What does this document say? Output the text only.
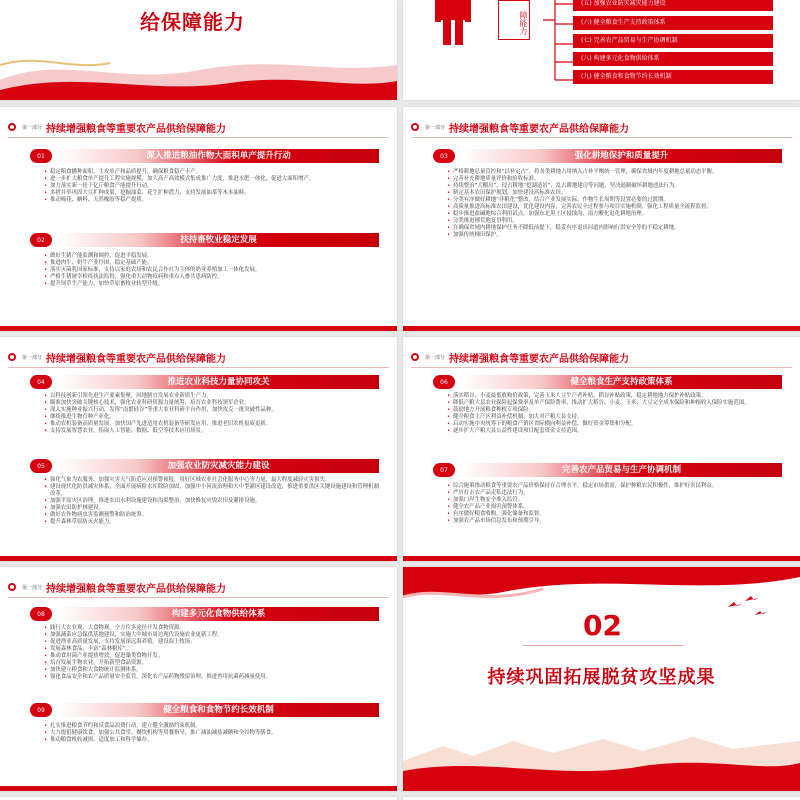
给保障能力	障能力
(五) 加强农业防灾减灾能力建设
(六) 健全粮食生产支持政策体系
(七) 完善农产品贸易与生产协调机制
(八) 构建多元化食物供给体系
(九) 健全粮食和食物节约长效机制
第一部分 持续增强粮食等重要农产品供给保障能力
01	深入推进粮油作物大面积单产提升行动
• 稳定粮食播种面积，主攻单产和品质提升，确保粮食稳产丰产。
• 进一步扩大粮食单产提升工程实施规模，加大高产高效模式集成推广力度，推进水肥一体化，促进大面积增产。
• 加力落实新一轮千亿斤粮食产能提升行动。
• 多措并举巩固大豆扩种成果，挖掘油菜、花生扩种潜力，支持发展油茶等木本油料。
• 推动棉花、糖料、天然橡胶等稳产提质。
02	扶持畜牧业稳定发展
• 做好生猪产能监测和调控，促进平稳发展。
• 推进肉牛、奶牛产业纾困，稳定基础产能。
• 落实灭菌乳国家标准，支持以家庭农场和农民合作社为主体的奶业养殖加工一体化发展。
• 严格生猪屠宰检疫执法监督，强化重大动物疫病和重点人畜共患病防控。
• 提升饲草生产能力，加快草原畜牧业转型升级。
第一部分 持续增强粮食等重要农产品供给保障能力
03	强化耕地保护和质量提升
• 严格耕地总量管控和“以补定占”，将各类耕地占用纳入占补平衡统一管理，确保省域内年度耕地总量动态平衡。
• 完善补充耕地质量评价和验收标准。
• 持续整治“大棚房”、侵占耕地“挖湖造景”、乱占耕地建房等问题，坚决遏制破坏耕地违法行为。
• 制定基本农田保护规划，加快建设高标准农田。
• 分类有序做好耕地“非粮化”整改，结合产业发展实际、作物生长周期等设置必要的过渡期。
• 高质量推进高标准农田建设，优化建设内容，完善农民全过程参与项目实施机制，强化工程质量全流程监督。
• 稳步推进盐碱地综合利用试点，加强东北黑土区侵蚀沟、南方酸化退化耕地治理。
• 分类推进撂荒地复垦利用。
• 在确保省域内耕地保护任务不降低前提下，稳妥有序退出河道内影响行洪安全等的不稳定耕地。
• 加强传统梯田保护。
第一部分 持续增强粮食等重要农产品供给保障能力
04	推进农业科技力量协同攻关
• 以科技创新引领先进生产要素集聚，因地制宜发展农业新质生产力。
• 瞄准加快突破关键核心技术，强化农业科研资源力量统筹，培育农业科技领军企业。
• 深入实施种业振兴行动，发挥“南繁硅谷”等重大农业科研平台作用，加快攻克一批突破性品种。
• 继续推进生物育种产业化。
• 推动农机装备高质量发展，加快国产先进适用农机装备等研发应用，推进老旧农机报废更新。
• 支持发展智慧农业，拓展人工智能、数据、低空等技术应用场景。
05	加强农业防灾减灾能力建设
• 强化气象为农服务，加强灾害天气防范应对预警预报，用好区域农业社会化服务中心等力量，最大程度减轻灾害损失。
• 建设现代化防洪减灾体系，全面开展病险水库除险加固，加强中小河流治理和大中型灌区建设改造，推进重要洪区关键设施建设和管理机制改革。
• 加强平原灾区治理，推进农田水利设施建设和沟渠整治，加快修复灾毁农田及灌排设施。
• 加强农田防护林建设。
• 做好农作物病虫害监测预警和防治统筹。
• 提升森林草原防灭火能力。
第一部分 持续增强粮食等重要农产品供给保障能力
06	健全粮食生产支持政策体系
• 落实稻谷、小麦最低收购价政策，完善玉米大豆生产者补贴、稻谷补贴政策，稳定耕地地力保护补贴政策。
• 降低产粮大县农业保险起保费率及单产保险费率，推动扩大稻谷、小麦、玉米、大豆完全成本保险和种植收入保险实施范围。
• 鼓励地方开展粮食种植专项保险。
• 健全粮食主产区利益补偿机制，加大对产粮大县支持。
• 启动实施中央统筹下的粮食产销区省际横向利益补偿，做好资金筹集和分配。
• 逐步扩大产粮大县公益性建设项目配套资金支持范围。
07	完善农产品贸易与生产协调机制
• 综合施策推动粮食等重要农产品价格保持在合理水平，稳定市场供需，保护种粮农民积极性，维护好农民利益。
• 严厉打击农产品走私违法行为。
• 加强口岸生物安全准入监管。
• 健全农产品产业损害预警体系。
• 有序做好粮食收购，强化储备和监督。
• 加强农产品市场信息发布和预期引导。
第一部分 持续增强粮食等重要农产品供给保障能力
08	构建多元化食物供给体系
• 践行大农业观、大食物观，全方位多途径开发食物资源。
• 加强蔬菜应急保供基地建设，实施大中城市周边现代设施农业更新工程。
• 促进渔业高质量发展，支持发展深远海养殖，建设海上牧场。
• 发展森林食品，丰富“森林粮库”。
• 推动食用菌产业提质增效，促进藻类食物开发。
• 培育发展生物农业，开拓新型食品资源。
• 加快建立粮食和大食物统计监测体系。
• 强化食品安全和农产品质量安全监管，深化农产品药物残留治理，推进兽用抗菌药减量使用。
09	健全粮食和食物节约长效机制
• 扎实推进粮食节约和反食品浪费行动，建立健全激励约束机制。
• 大力提倡健康饮食，加强公共食堂、餐饮机构等用餐指导，推广减油减盐减糖和全谷物等膳食。
• 推动粮食机收减损、适度加工和科学储存。
02
持续巩固拓展脱贫攻坚成果
